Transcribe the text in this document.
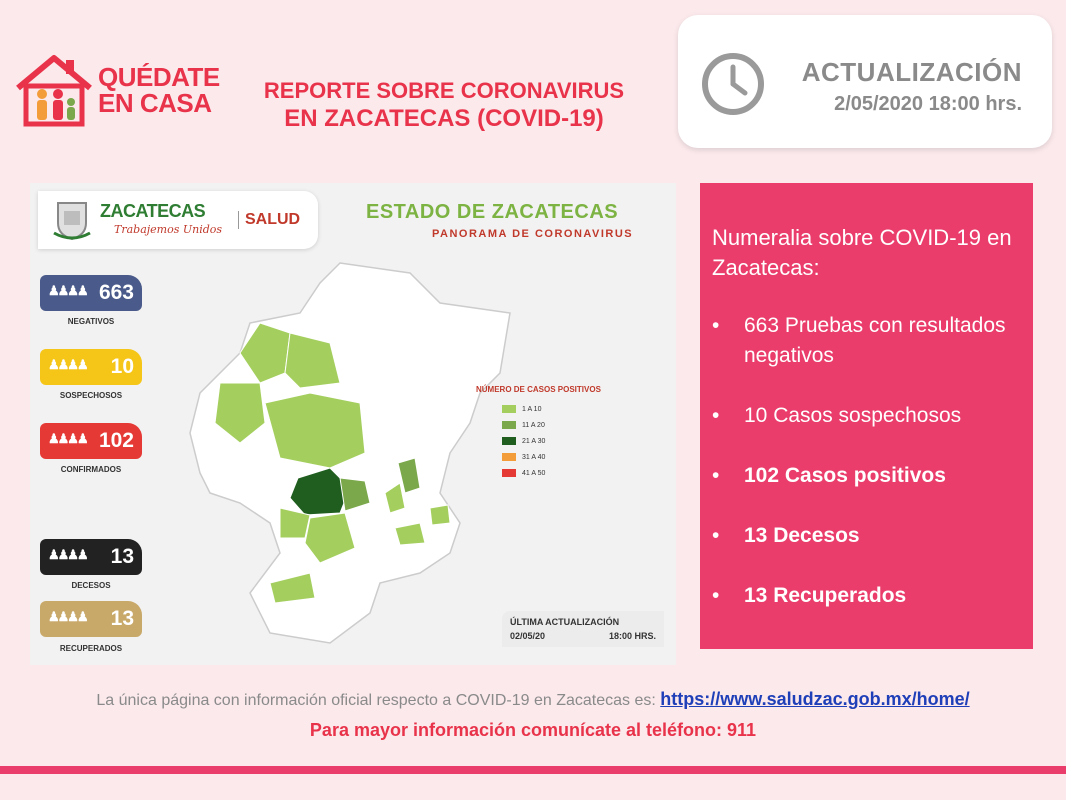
QUÉDATE
EN CASA	REPORTE SOBRE CORONAVIRUS
EN ZACATECAS (COVID-19)
ACTUALIZACIÓN
2/05/2020 18:00 hrs.
ZACATECAS
Trabajemos Unidos
SALUD	ESTADO DE ZACATECAS
PANORAMA DE CORONAVIRUS
♟♟♟♟ 663
NEGATIVOS
♟♟♟♟ 10
SOSPECHOSOS
♟♟♟♟ 102
CONFIRMADOS
♟♟♟♟ 13
DECESOS
♟♟♟♟ 13
RECUPERADOS
NÚMERO DE CASOS POSITIVOS
1 A 10
11 A 20
21 A 30
31 A 40
41 A 50
ÚLTIMA ACTUALIZACIÓN
02/05/20	18:00 HRS.
Numeralia sobre COVID-19 en Zacatecas:
• 663 Pruebas con resultados negativos
• 10 Casos sospechosos
• 102 Casos positivos
• 13 Decesos
• 13 Recuperados
La única página con información oficial respecto a COVID-19 en Zacatecas es: https://www.saludzac.gob.mx/home/
Para mayor información comunícate al teléfono: 911
